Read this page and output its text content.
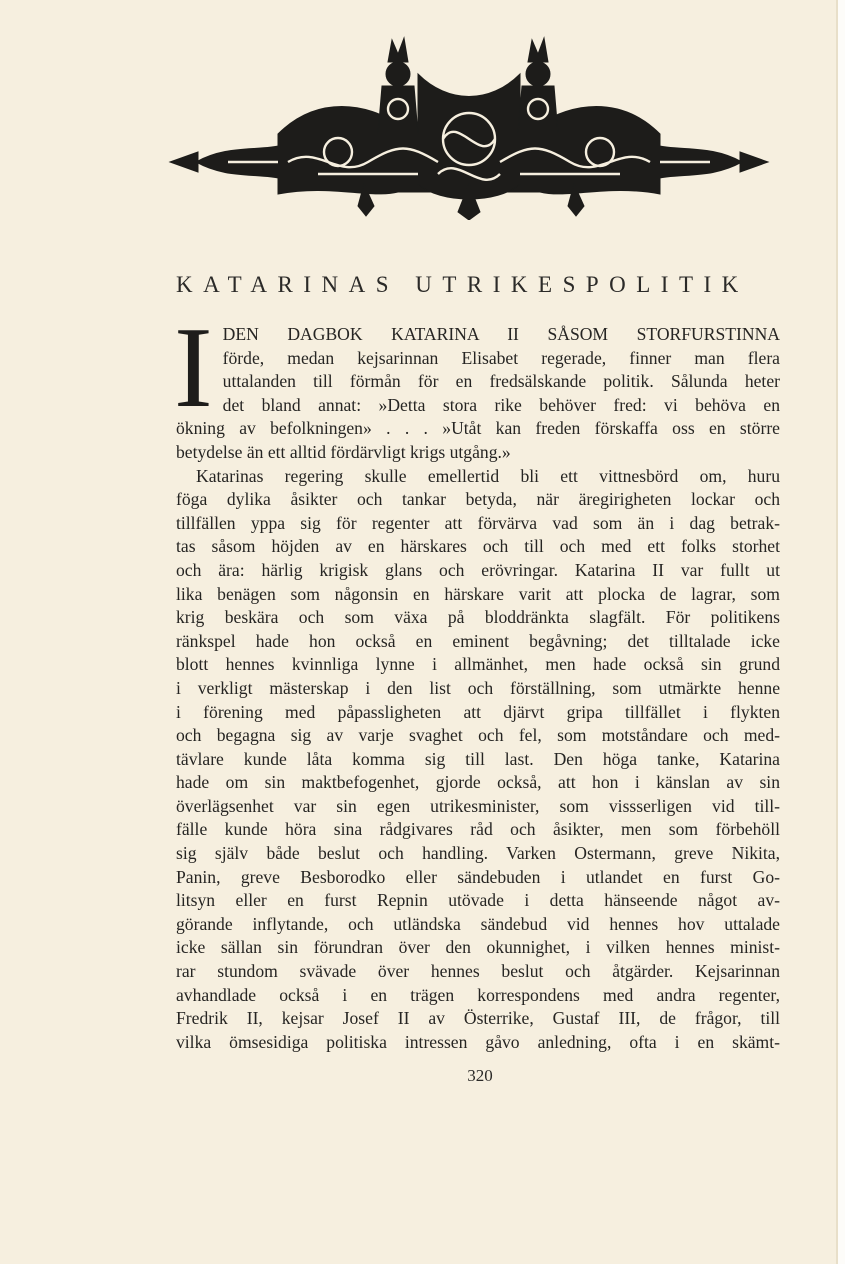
KATARINAS UTRIKESPOLITIK
I DEN DAGBOK KATARINA II SÅSOM STORFURSTINNA
förde, medan kejsarinnan Elisabet regerade, finner man flera
uttalanden till förmån för en fredsälskande politik. Sålunda heter
det bland annat: »Detta stora rike behöver fred: vi behöva en
ökning av befolkningen» . . . »Utåt kan freden förskaffa oss en större
betydelse än ett alltid fördärvligt krigs utgång.»
Katarinas regering skulle emellertid bli ett vittnesbörd om, huru
föga dylika åsikter och tankar betyda, när äregirigheten lockar och
tillfällen yppa sig för regenter att förvärva vad som än i dag betrak-
tas såsom höjden av en härskares och till och med ett folks storhet
och ära: härlig krigisk glans och erövringar. Katarina II var fullt ut
lika benägen som någonsin en härskare varit att plocka de lagrar, som
krig beskära och som växa på bloddränkta slagfält. För politikens
ränkspel hade hon också en eminent begåvning; det tilltalade icke
blott hennes kvinnliga lynne i allmänhet, men hade också sin grund
i verkligt mästerskap i den list och förställning, som utmärkte henne
i förening med påpassligheten att djärvt gripa tillfället i flykten
och begagna sig av varje svaghet och fel, som motståndare och med-
tävlare kunde låta komma sig till last. Den höga tanke, Katarina
hade om sin maktbefogenhet, gjorde också, att hon i känslan av sin
överlägsenhet var sin egen utrikesminister, som vissserligen vid till-
fälle kunde höra sina rådgivares råd och åsikter, men som förbehöll
sig själv både beslut och handling. Varken Ostermann, greve Nikita,
Panin, greve Besborodko eller sändebuden i utlandet en furst Go-
litsyn eller en furst Repnin utövade i detta hänseende något av-
görande inflytande, och utländska sändebud vid hennes hov uttalade
icke sällan sin förundran över den okunnighet, i vilken hennes minist-
rar stundom svävade över hennes beslut och åtgärder. Kejsarinnan
avhandlade också i en trägen korrespondens med andra regenter,
Fredrik II, kejsar Josef II av Österrike, Gustaf III, de frågor, till
vilka ömsesidiga politiska intressen gåvo anledning, ofta i en skämt-
320
